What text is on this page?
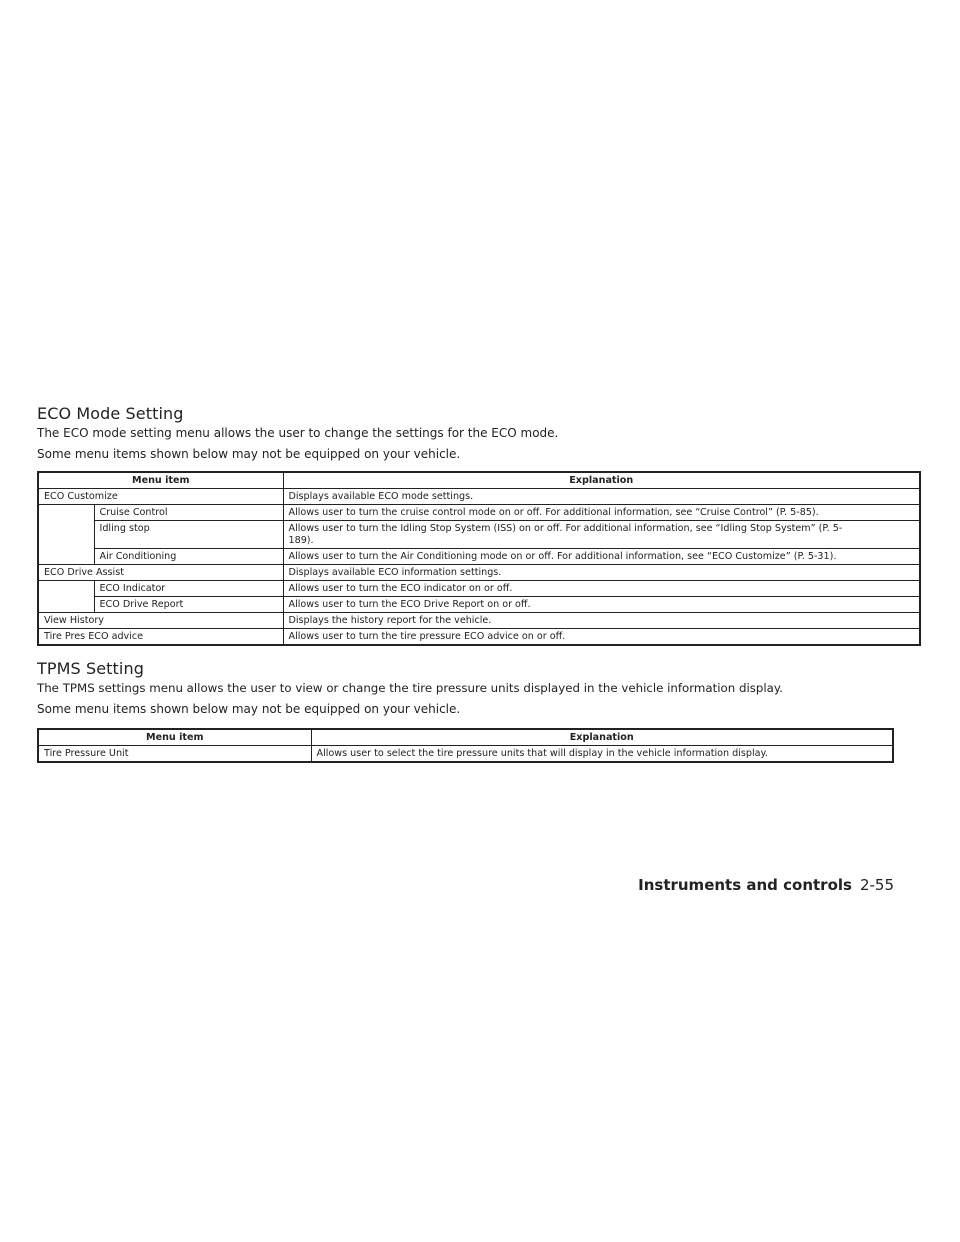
ECO Mode Setting

The ECO mode setting menu allows the user to change the settings for the ECO mode.

Some menu items shown below may not be equipped on your vehicle.

Menu item		Explanation
ECO Customize		Displays available ECO mode settings.
	Cruise Control	Allows user to turn the cruise control mode on or off. For additional information, see “Cruise Control” (P. 5-85).
	Idling stop	Allows user to turn the Idling Stop System (ISS) on or off. For additional information, see “Idling Stop System” (P. 5-189).
	Air Conditioning	Allows user to turn the Air Conditioning mode on or off. For additional information, see “ECO Customize” (P. 5-31).
ECO Drive Assist		Displays available ECO information settings.
	ECO Indicator	Allows user to turn the ECO indicator on or off.
	ECO Drive Report	Allows user to turn the ECO Drive Report on or off.
View History		Displays the history report for the vehicle.
Tire Pres ECO advice		Allows user to turn the tire pressure ECO advice on or off.
TPMS Setting

The TPMS settings menu allows the user to view or change the tire pressure units displayed in the vehicle information display.

Some menu items shown below may not be equipped on your vehicle.

Menu item	Explanation
Tire Pressure Unit	Allows user to select the tire pressure units that will display in the vehicle information display.
Instruments and controls 2-55
